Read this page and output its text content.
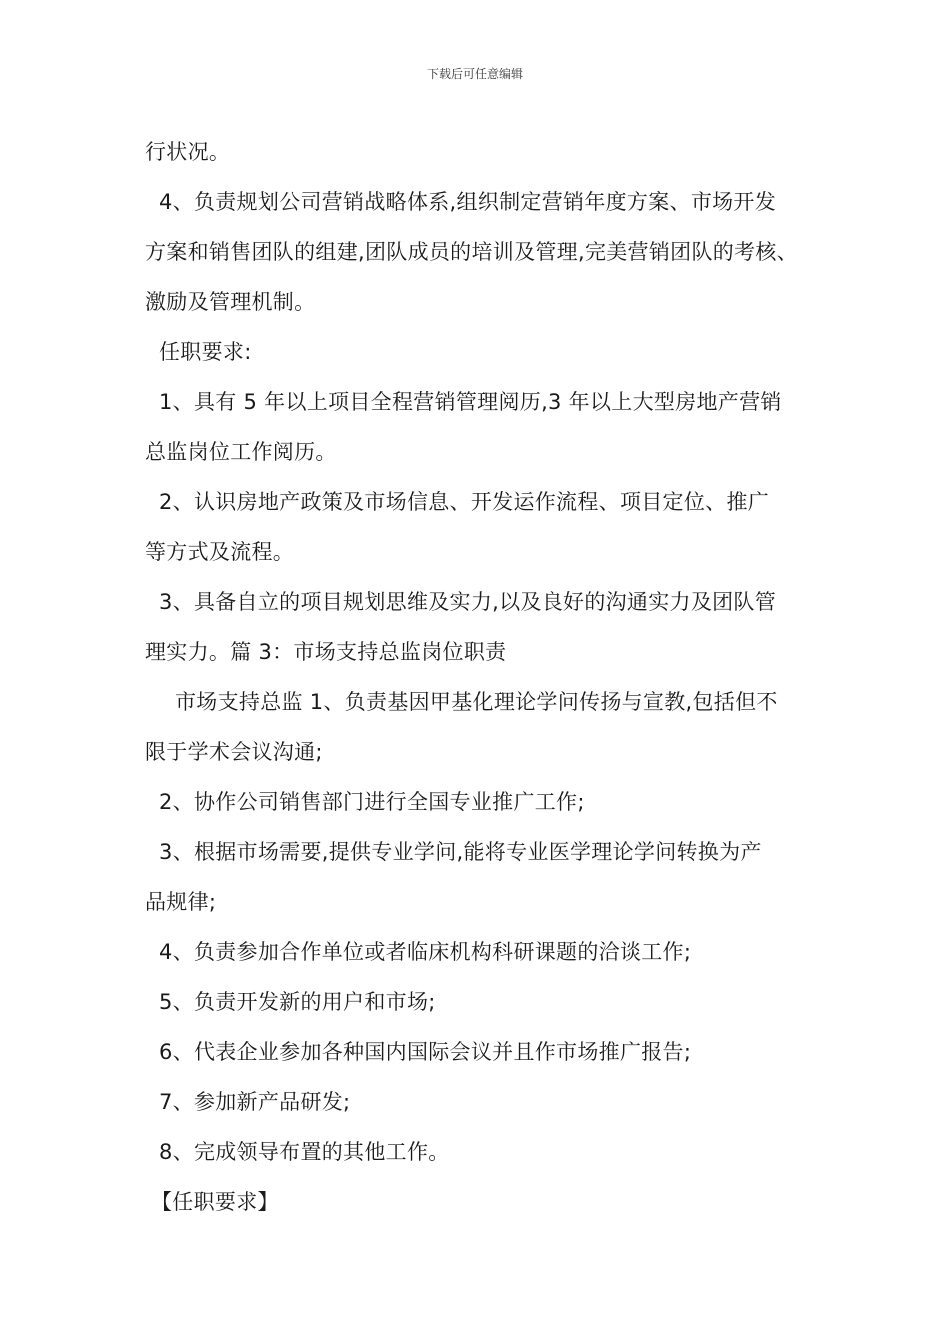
下载后可任意编辑
行状况。
4、负责规划公司营销战略体系,组织制定营销年度方案、市场开发
方案和销售团队的组建,团队成员的培训及管理,完美营销团队的考核、
激励及管理机制。
任职要求:
1、具有 5 年以上项目全程营销管理阅历,3 年以上大型房地产营销
总监岗位工作阅历。
2、认识房地产政策及市场信息、开发运作流程、项目定位、推广
等方式及流程。
3、具备自立的项目规划思维及实力,以及良好的沟通实力及团队管
理实力。篇 3：市场支持总监岗位职责
市场支持总监 1、负责基因甲基化理论学问传扬与宣教,包括但不
限于学术会议沟通;
2、协作公司销售部门进行全国专业推广工作;
3、根据市场需要,提供专业学问,能将专业医学理论学问转换为产
品规律;
4、负责参加合作单位或者临床机构科研课题的洽谈工作;
5、负责开发新的用户和市场;
6、代表企业参加各种国内国际会议并且作市场推广报告;
7、参加新产品研发;
8、完成领导布置的其他工作。
【任职要求】
